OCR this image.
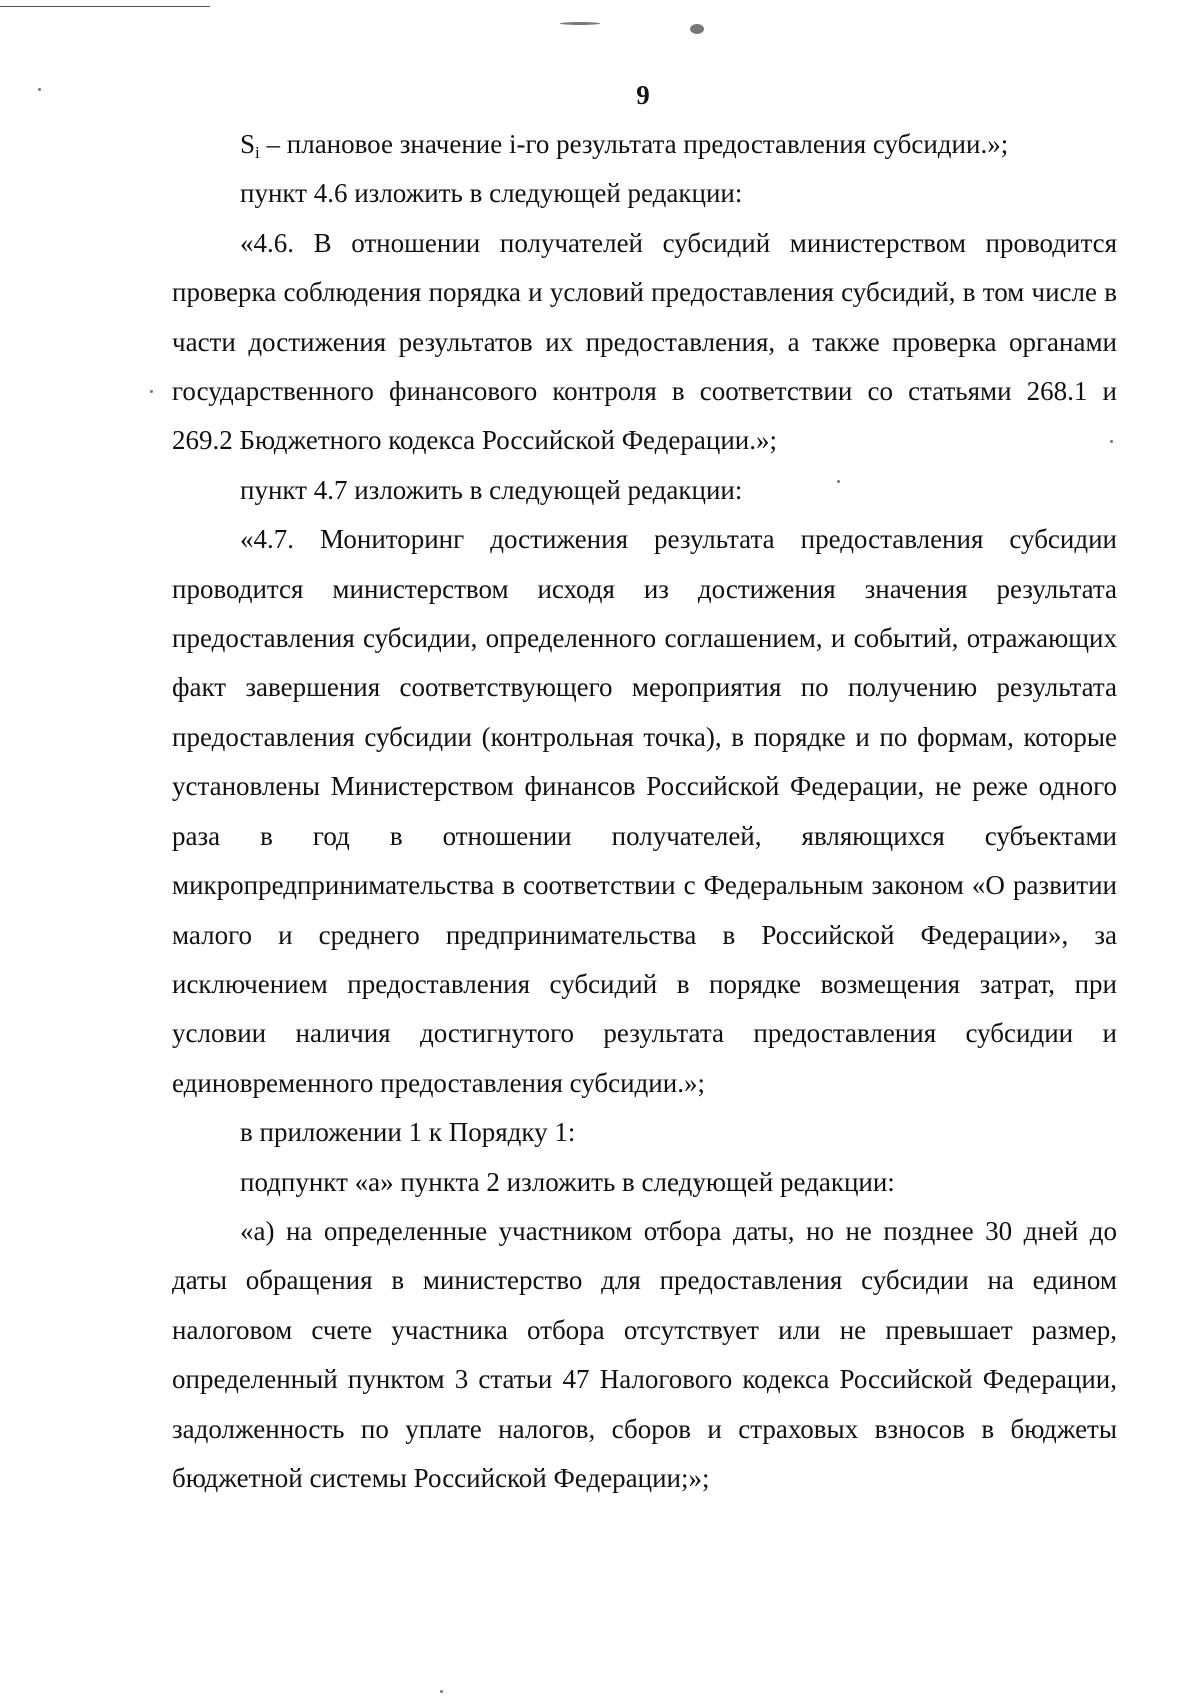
9

$S_i$ – плановое значение i-го результата предоставления субсидии.»;

пункт 4.6 изложить в следующей редакции:

«4.6. В отношении получателей субсидий министерством проводится проверка соблюдения порядка и условий предоставления субсидий, в том числе в части достижения результатов их предоставления, а также проверка органами государственного финансового контроля в соответствии со статьями 268.1 и 269.2 Бюджетного кодекса Российской Федерации.»;

пункт 4.7 изложить в следующей редакции:

«4.7. Мониторинг достижения результата предоставления субсидии проводится министерством исходя из достижения значения результата предоставления субсидии, определенного соглашением, и событий, отражающих факт завершения соответствующего мероприятия по получению результата предоставления субсидии (контрольная точка), в порядке и по формам, которые установлены Министерством финансов Российской Федерации, не реже одного раза в год в отношении получателей, являющихся субъектами микропредпринимательства в соответствии с Федеральным законом «О развитии малого и среднего предпринимательства в Российской Федерации», за исключением предоставления субсидий в порядке возмещения затрат, при условии наличия достигнутого результата предоставления субсидии и единовременного предоставления субсидии.»;

в приложении 1 к Порядку 1:

подпункт «а» пункта 2 изложить в следующей редакции:

«а) на определенные участником отбора даты, но не позднее 30 дней до даты обращения в министерство для предоставления субсидии на едином налоговом счете участника отбора отсутствует или не превышает размер, определенный пунктом 3 статьи 47 Налогового кодекса Российской Федерации, задолженность по уплате налогов, сборов и страховых взносов в бюджеты бюджетной системы Российской Федерации;»;
